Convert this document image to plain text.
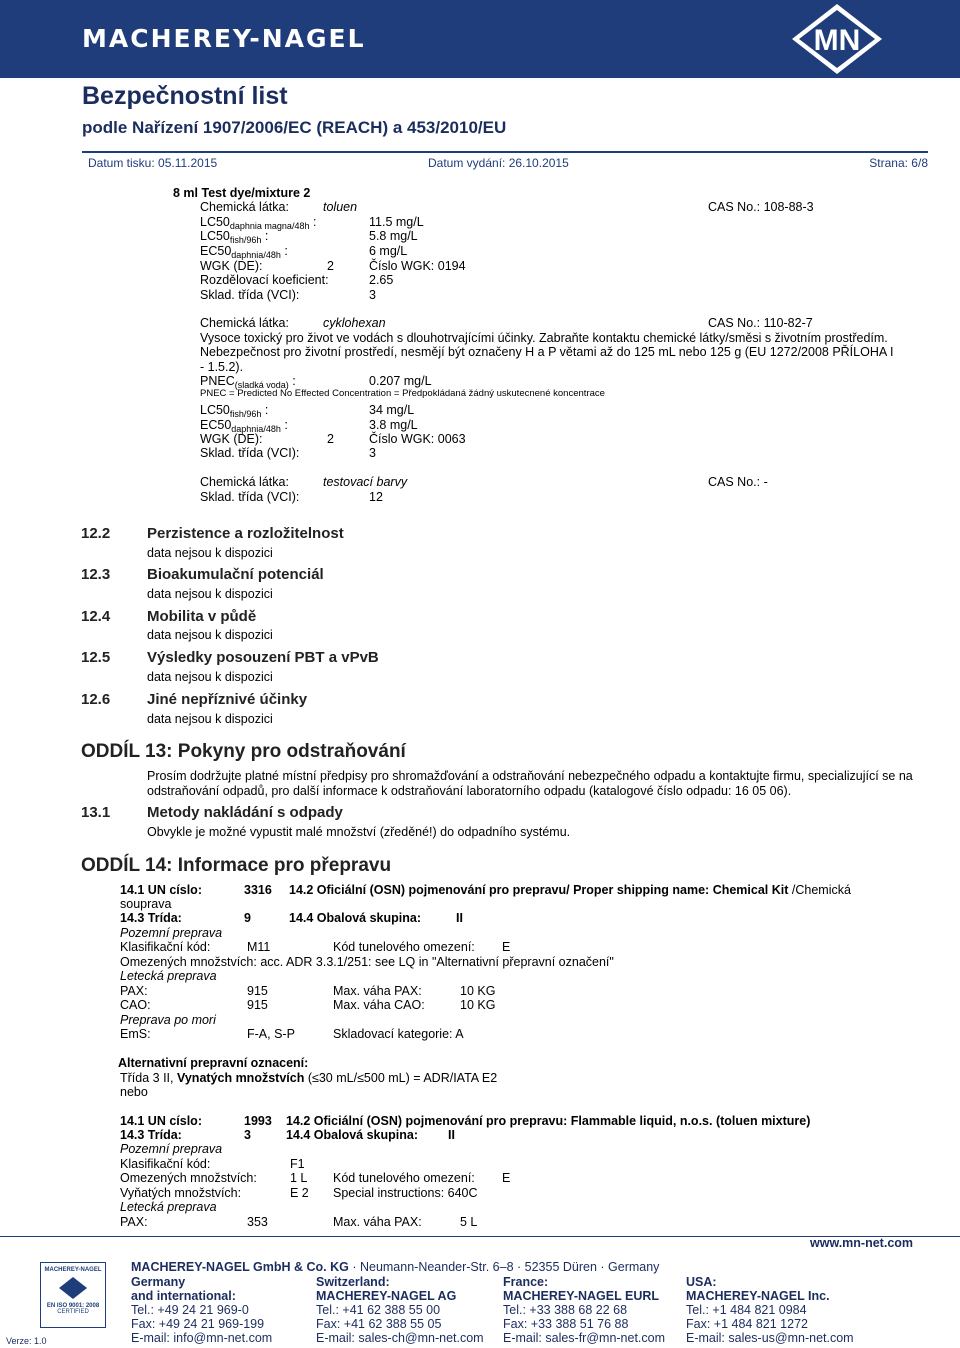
MACHEREY-NAGEL	MN
Bezpečnostní list
podle Nařízení 1907/2006/EC (REACH) a 453/2010/EU
Datum tisku: 05.11.2015	Datum vydání: 26.10.2015	Strana: 6/8
8 ml Test dye/mixture 2
Chemická látka:	toluen	CAS No.: 108-88-3
$LC50_{daphnia magna/48h}$ :	11.5 mg/L
$LC50_{fish/96h}$ :	5.8 mg/L
$EC50_{daphnia/48h}$ :	6 mg/L
WGK (DE):	2	Číslo WGK: 0194
Rozdělovací koeficient:	2.65
Sklad. třída (VCI):	3
Chemická látka:	cyklohexan	CAS No.: 110-82-7
Vysoce toxický pro život ve vodách s dlouhotrvajícími účinky. Zabraňte kontaktu chemické látky/směsi s životním prostředím.
Nebezpečnost pro životní prostředí, nesmějí být označeny H a P větami až do 125 mL nebo 125 g (EU 1272/2008 PŘÍLOHA I
- 1.5.2).
$PNEC_{(sladká voda)}$ :	0.207 mg/L
PNEC = Predicted No Effected Concentration = Předpokládaná žádný uskutecnené koncentrace
$LC50_{fish/96h}$ :	34 mg/L
$EC50_{daphnia/48h}$ :	3.8 mg/L
WGK (DE):	2	Číslo WGK: 0063
Sklad. třída (VCI):	3
Chemická látka:	testovací barvy	CAS No.: -
Sklad. třída (VCI):	12
12.2 Perzistence a rozložitelnost
data nejsou k dispozici
12.3 Bioakumulační potenciál
data nejsou k dispozici
12.4 Mobilita v půdě
data nejsou k dispozici
12.5 Výsledky posouzení PBT a vPvB
data nejsou k dispozici
12.6 Jiné nepříznivé účinky
data nejsou k dispozici
ODDÍL 13: Pokyny pro odstraňování
Prosím dodržujte platné místní předpisy pro shromažďování a odstraňování nebezpečného odpadu a kontaktujte firmu, specializující se na
odstraňování odpadů, pro další informace k odstraňování laboratorního odpadu (katalogové číslo odpadu: 16 05 06).
13.1 Metody nakládání s odpady
Obvykle je možné vypustit malé množství (zředěné!) do odpadního systému.
ODDÍL 14: Informace pro přepravu
14.1 UN císlo:	3316 14.2 Oficiální (OSN) pojmenování pro prepravu/ Proper shipping name: Chemical Kit /Chemická
souprava
14.3 Trída:	9	14.4 Obalová skupina:	II
Pozemní preprava
Klasifikační kód:	M11	Kód tunelového omezení: E
Omezených množstvích: acc. ADR 3.3.1/251: see LQ in "Alternativní přepravní označení"
Letecká preprava
PAX:	915	Max. váha PAX:	10 KG
CAO:	915	Max. váha CAO:	10 KG
Preprava po mori
EmS:	F-A, S-P	Skladovací kategorie: A
Alternativní prepravní oznacení:
Třída 3 II, Vynatých množstvích (≤30 mL/≤500 mL) = ADR/IATA E2
nebo
14.1 UN císlo:	1993 14.2 Oficiální (OSN) pojmenování pro prepravu: Flammable liquid, n.o.s. (toluen mixture)
14.3 Trída:	3	14.4 Obalová skupina: II
Pozemní preprava
Klasifikační kód:	F1
Omezených množstvích:	1 L Kód tunelového omezení: E
Vyňatých množstvích:	E 2 Special instructions: 640C
Letecká preprava
PAX:	353	Max. váha PAX:	5 L
www.mn-net.com
MACHEREY-NAGEL GmbH & Co. KG · Neumann-Neander-Str. 6–8 · 52355 Düren · Germany
MACHEREY-NAGEL
EN ISO 9001: 2008
CERTIFIED
Verze: 1.0
Germany
and international:
Tel.: +49 24 21 969-0
Fax: +49 24 21 969-199
E-mail: info@mn-net.com
Switzerland:
MACHEREY-NAGEL AG
Tel.: +41 62 388 55 00
Fax: +41 62 388 55 05
E-mail: sales-ch@mn-net.com
France:
MACHEREY-NAGEL EURL
Tel.: +33 388 68 22 68
Fax: +33 388 51 76 88
E-mail: sales-fr@mn-net.com
USA:
MACHEREY-NAGEL Inc.
Tel.: +1 484 821 0984
Fax: +1 484 821 1272
E-mail: sales-us@mn-net.com
